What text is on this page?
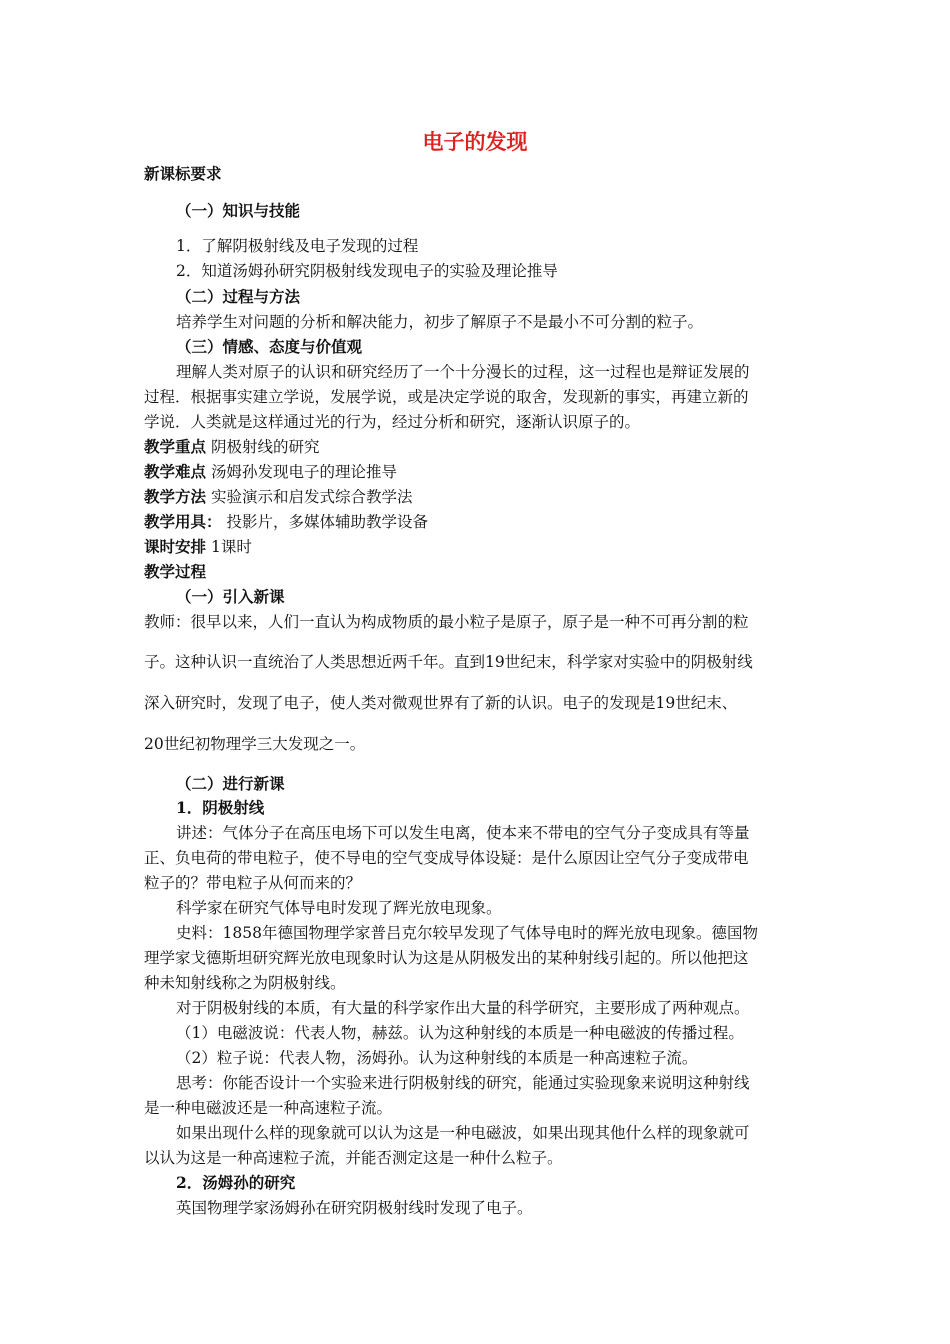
电子的发现
新课标要求
（一）知识与技能
1．了解阴极射线及电子发现的过程
2．知道汤姆孙研究阴极射线发现电子的实验及理论推导
（二）过程与方法
培养学生对问题的分析和解决能力，初步了解原子不是最小不可分割的粒子。
（三）情感、态度与价值观
理解人类对原子的认识和研究经历了一个十分漫长的过程，这一过程也是辩证发展的
过程．根据事实建立学说，发展学说，或是决定学说的取舍，发现新的事实，再建立新的
学说．人类就是这样通过光的行为，经过分析和研究，逐渐认识原子的。
教学重点 阴极射线的研究
教学难点 汤姆孙发现电子的理论推导
教学方法 实验演示和启发式综合教学法
教学用具： 投影片，多媒体辅助教学设备
课时安排 1课时
教学过程
（一）引入新课
教师：很早以来，人们一直认为构成物质的最小粒子是原子，原子是一种不可再分割的粒
子。这种认识一直统治了人类思想近两千年。直到19世纪末，科学家对实验中的阴极射线
深入研究时，发现了电子，使人类对微观世界有了新的认识。电子的发现是19世纪末、
20世纪初物理学三大发现之一。
（二）进行新课
1．阴极射线
讲述：气体分子在高压电场下可以发生电离，使本来不带电的空气分子变成具有等量
正、负电荷的带电粒子，使不导电的空气变成导体设疑：是什么原因让空气分子变成带电
粒子的？带电粒子从何而来的？
科学家在研究气体导电时发现了辉光放电现象。
史料：1858年德国物理学家普吕克尔较早发现了气体导电时的辉光放电现象。德国物
理学家戈德斯坦研究辉光放电现象时认为这是从阴极发出的某种射线引起的。所以他把这
种未知射线称之为阴极射线。
对于阴极射线的本质，有大量的科学家作出大量的科学研究，主要形成了两种观点。
（1）电磁波说：代表人物，赫兹。认为这种射线的本质是一种电磁波的传播过程。
（2）粒子说：代表人物，汤姆孙。认为这种射线的本质是一种高速粒子流。
思考：你能否设计一个实验来进行阴极射线的研究，能通过实验现象来说明这种射线
是一种电磁波还是一种高速粒子流。
如果出现什么样的现象就可以认为这是一种电磁波，如果出现其他什么样的现象就可
以认为这是一种高速粒子流，并能否测定这是一种什么粒子。
2．汤姆孙的研究
英国物理学家汤姆孙在研究阴极射线时发现了电子。
